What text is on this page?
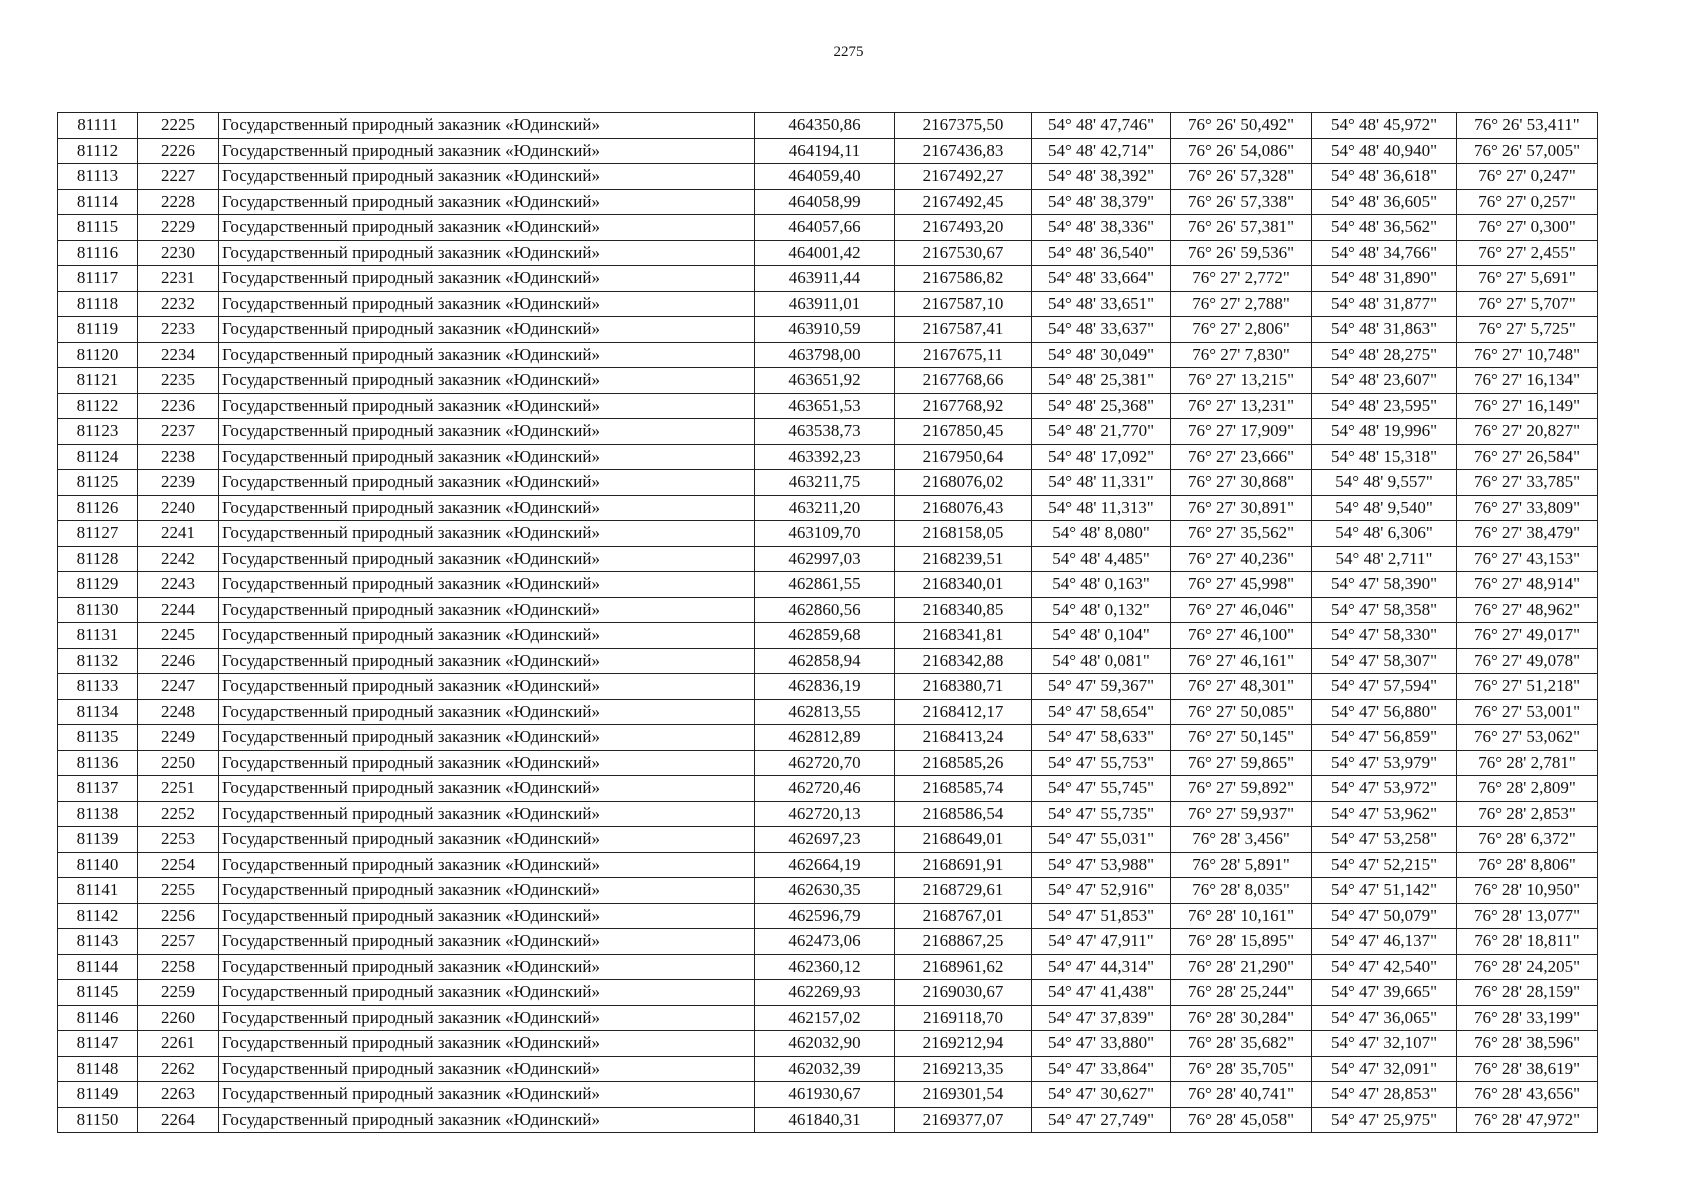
2275
81111	2225	Государственный природный заказник «Юдинский»	464350,86	2167375,50	54° 48' 47,746"	76° 26' 50,492"	54° 48' 45,972"	76° 26' 53,411"
81112	2226	Государственный природный заказник «Юдинский»	464194,11	2167436,83	54° 48' 42,714"	76° 26' 54,086"	54° 48' 40,940"	76° 26' 57,005"
81113	2227	Государственный природный заказник «Юдинский»	464059,40	2167492,27	54° 48' 38,392"	76° 26' 57,328"	54° 48' 36,618"	76° 27' 0,247"
81114	2228	Государственный природный заказник «Юдинский»	464058,99	2167492,45	54° 48' 38,379"	76° 26' 57,338"	54° 48' 36,605"	76° 27' 0,257"
81115	2229	Государственный природный заказник «Юдинский»	464057,66	2167493,20	54° 48' 38,336"	76° 26' 57,381"	54° 48' 36,562"	76° 27' 0,300"
81116	2230	Государственный природный заказник «Юдинский»	464001,42	2167530,67	54° 48' 36,540"	76° 26' 59,536"	54° 48' 34,766"	76° 27' 2,455"
81117	2231	Государственный природный заказник «Юдинский»	463911,44	2167586,82	54° 48' 33,664"	76° 27' 2,772"	54° 48' 31,890"	76° 27' 5,691"
81118	2232	Государственный природный заказник «Юдинский»	463911,01	2167587,10	54° 48' 33,651"	76° 27' 2,788"	54° 48' 31,877"	76° 27' 5,707"
81119	2233	Государственный природный заказник «Юдинский»	463910,59	2167587,41	54° 48' 33,637"	76° 27' 2,806"	54° 48' 31,863"	76° 27' 5,725"
81120	2234	Государственный природный заказник «Юдинский»	463798,00	2167675,11	54° 48' 30,049"	76° 27' 7,830"	54° 48' 28,275"	76° 27' 10,748"
81121	2235	Государственный природный заказник «Юдинский»	463651,92	2167768,66	54° 48' 25,381"	76° 27' 13,215"	54° 48' 23,607"	76° 27' 16,134"
81122	2236	Государственный природный заказник «Юдинский»	463651,53	2167768,92	54° 48' 25,368"	76° 27' 13,231"	54° 48' 23,595"	76° 27' 16,149"
81123	2237	Государственный природный заказник «Юдинский»	463538,73	2167850,45	54° 48' 21,770"	76° 27' 17,909"	54° 48' 19,996"	76° 27' 20,827"
81124	2238	Государственный природный заказник «Юдинский»	463392,23	2167950,64	54° 48' 17,092"	76° 27' 23,666"	54° 48' 15,318"	76° 27' 26,584"
81125	2239	Государственный природный заказник «Юдинский»	463211,75	2168076,02	54° 48' 11,331"	76° 27' 30,868"	54° 48' 9,557"	76° 27' 33,785"
81126	2240	Государственный природный заказник «Юдинский»	463211,20	2168076,43	54° 48' 11,313"	76° 27' 30,891"	54° 48' 9,540"	76° 27' 33,809"
81127	2241	Государственный природный заказник «Юдинский»	463109,70	2168158,05	54° 48' 8,080"	76° 27' 35,562"	54° 48' 6,306"	76° 27' 38,479"
81128	2242	Государственный природный заказник «Юдинский»	462997,03	2168239,51	54° 48' 4,485"	76° 27' 40,236"	54° 48' 2,711"	76° 27' 43,153"
81129	2243	Государственный природный заказник «Юдинский»	462861,55	2168340,01	54° 48' 0,163"	76° 27' 45,998"	54° 47' 58,390"	76° 27' 48,914"
81130	2244	Государственный природный заказник «Юдинский»	462860,56	2168340,85	54° 48' 0,132"	76° 27' 46,046"	54° 47' 58,358"	76° 27' 48,962"
81131	2245	Государственный природный заказник «Юдинский»	462859,68	2168341,81	54° 48' 0,104"	76° 27' 46,100"	54° 47' 58,330"	76° 27' 49,017"
81132	2246	Государственный природный заказник «Юдинский»	462858,94	2168342,88	54° 48' 0,081"	76° 27' 46,161"	54° 47' 58,307"	76° 27' 49,078"
81133	2247	Государственный природный заказник «Юдинский»	462836,19	2168380,71	54° 47' 59,367"	76° 27' 48,301"	54° 47' 57,594"	76° 27' 51,218"
81134	2248	Государственный природный заказник «Юдинский»	462813,55	2168412,17	54° 47' 58,654"	76° 27' 50,085"	54° 47' 56,880"	76° 27' 53,001"
81135	2249	Государственный природный заказник «Юдинский»	462812,89	2168413,24	54° 47' 58,633"	76° 27' 50,145"	54° 47' 56,859"	76° 27' 53,062"
81136	2250	Государственный природный заказник «Юдинский»	462720,70	2168585,26	54° 47' 55,753"	76° 27' 59,865"	54° 47' 53,979"	76° 28' 2,781"
81137	2251	Государственный природный заказник «Юдинский»	462720,46	2168585,74	54° 47' 55,745"	76° 27' 59,892"	54° 47' 53,972"	76° 28' 2,809"
81138	2252	Государственный природный заказник «Юдинский»	462720,13	2168586,54	54° 47' 55,735"	76° 27' 59,937"	54° 47' 53,962"	76° 28' 2,853"
81139	2253	Государственный природный заказник «Юдинский»	462697,23	2168649,01	54° 47' 55,031"	76° 28' 3,456"	54° 47' 53,258"	76° 28' 6,372"
81140	2254	Государственный природный заказник «Юдинский»	462664,19	2168691,91	54° 47' 53,988"	76° 28' 5,891"	54° 47' 52,215"	76° 28' 8,806"
81141	2255	Государственный природный заказник «Юдинский»	462630,35	2168729,61	54° 47' 52,916"	76° 28' 8,035"	54° 47' 51,142"	76° 28' 10,950"
81142	2256	Государственный природный заказник «Юдинский»	462596,79	2168767,01	54° 47' 51,853"	76° 28' 10,161"	54° 47' 50,079"	76° 28' 13,077"
81143	2257	Государственный природный заказник «Юдинский»	462473,06	2168867,25	54° 47' 47,911"	76° 28' 15,895"	54° 47' 46,137"	76° 28' 18,811"
81144	2258	Государственный природный заказник «Юдинский»	462360,12	2168961,62	54° 47' 44,314"	76° 28' 21,290"	54° 47' 42,540"	76° 28' 24,205"
81145	2259	Государственный природный заказник «Юдинский»	462269,93	2169030,67	54° 47' 41,438"	76° 28' 25,244"	54° 47' 39,665"	76° 28' 28,159"
81146	2260	Государственный природный заказник «Юдинский»	462157,02	2169118,70	54° 47' 37,839"	76° 28' 30,284"	54° 47' 36,065"	76° 28' 33,199"
81147	2261	Государственный природный заказник «Юдинский»	462032,90	2169212,94	54° 47' 33,880"	76° 28' 35,682"	54° 47' 32,107"	76° 28' 38,596"
81148	2262	Государственный природный заказник «Юдинский»	462032,39	2169213,35	54° 47' 33,864"	76° 28' 35,705"	54° 47' 32,091"	76° 28' 38,619"
81149	2263	Государственный природный заказник «Юдинский»	461930,67	2169301,54	54° 47' 30,627"	76° 28' 40,741"	54° 47' 28,853"	76° 28' 43,656"
81150	2264	Государственный природный заказник «Юдинский»	461840,31	2169377,07	54° 47' 27,749"	76° 28' 45,058"	54° 47' 25,975"	76° 28' 47,972"
